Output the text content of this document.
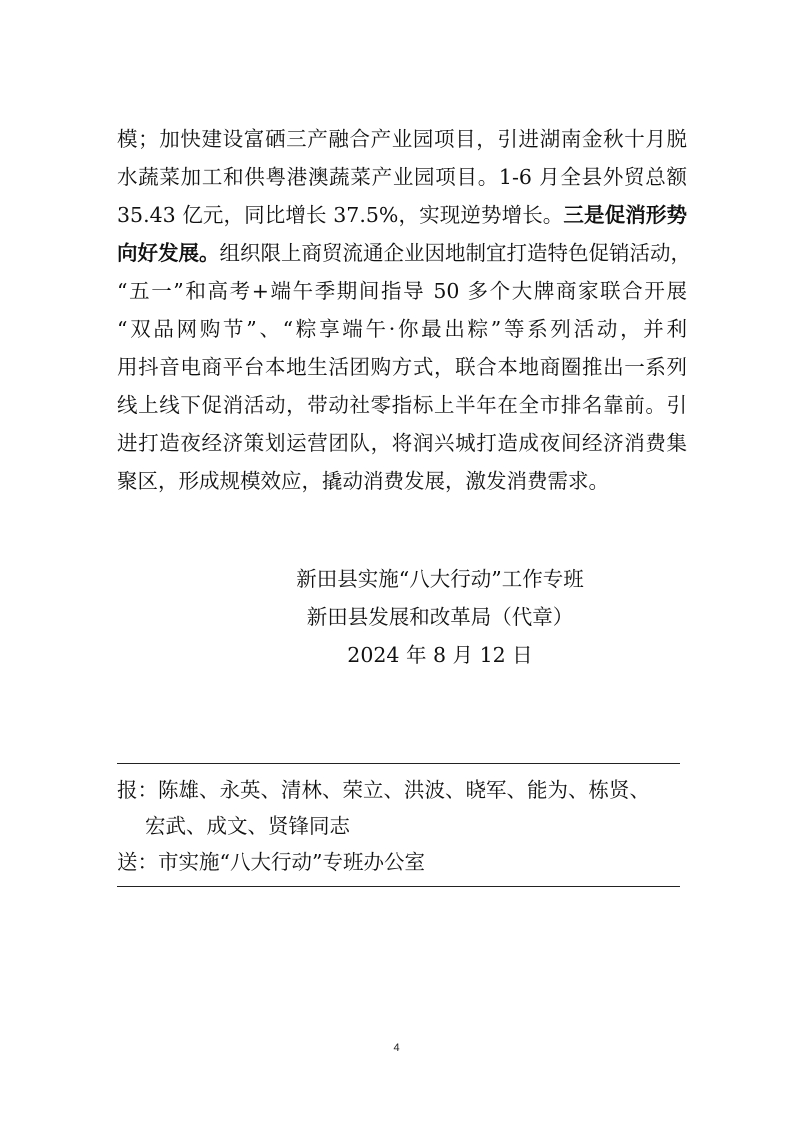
模；加快建设富硒三产融合产业园项目，引进湖南金秋十月脱
水蔬菜加工和供粤港澳蔬菜产业园项目。1-6 月全县外贸总额
35.43 亿元，同比增长 37.5%，实现逆势增长。三是促消形势
向好发展。组织限上商贸流通企业因地制宜打造特色促销活动，
“五一”和高考+端午季期间指导 50 多个大牌商家联合开展
“双品网购节”、“粽享端午·你最出粽”等系列活动，并利
用抖音电商平台本地生活团购方式，联合本地商圈推出一系列
线上线下促消活动，带动社零指标上半年在全市排名靠前。引
进打造夜经济策划运营团队，将润兴城打造成夜间经济消费集
聚区，形成规模效应，撬动消费发展，激发消费需求。
新田县实施“八大行动”工作专班
新田县发展和改革局（代章）
2024 年 8 月 12 日
报：陈雄、永英、清林、荣立、洪波、晓军、能为、栋贤、
宏武、成文、贤锋同志
送：市实施“八大行动”专班办公室
4
